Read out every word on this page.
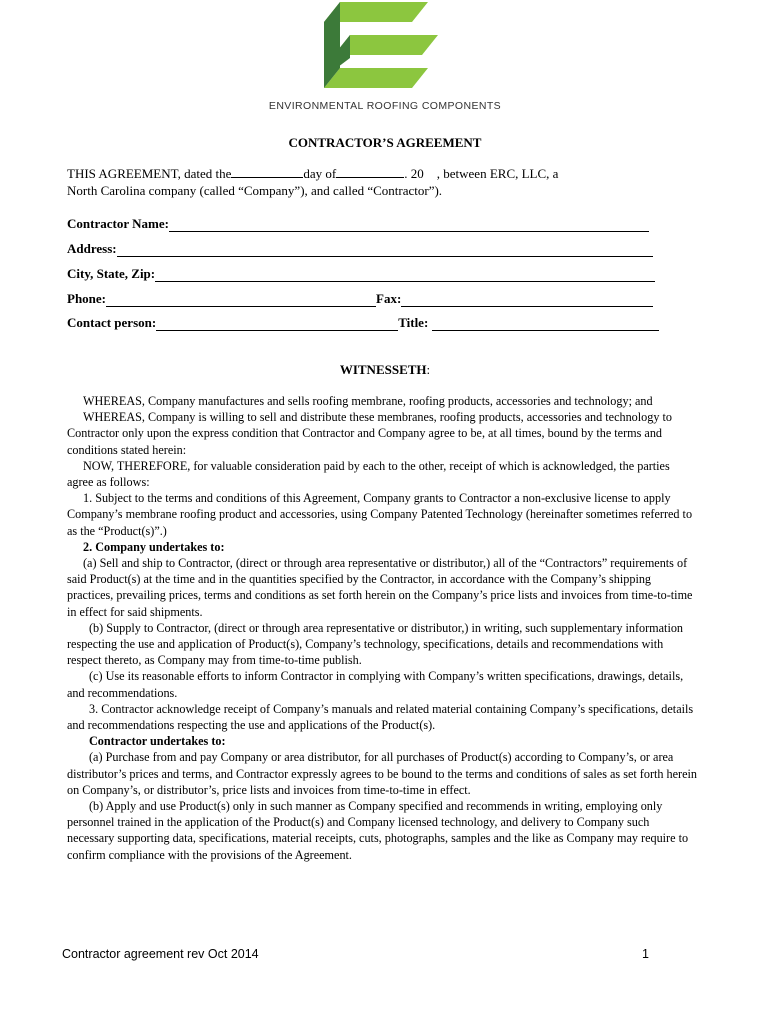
ENVIRONMENTAL ROOFING COMPONENTS
CONTRACTOR’S AGREEMENT
THIS AGREEMENT, dated the	day of	. 20 , between ERC, LLC, a
North Carolina company (called “Company”), and called “Contractor”).
Contractor Name:
Address:
City, State, Zip:
Phone:	Fax:
Contact person:	Title:
WITNESSETH:

WHEREAS, Company manufactures and sells roofing membrane, roofing products, accessories and technology; and

WHEREAS, Company is willing to sell and distribute these membranes, roofing products, accessories and technology to Contractor only upon the express condition that Contractor and Company agree to be, at all times, bound by the terms and conditions stated herein:

NOW, THEREFORE, for valuable consideration paid by each to the other, receipt of which is acknowledged, the parties agree as follows:

1. Subject to the terms and conditions of this Agreement, Company grants to Contractor a non-exclusive license to apply Company’s membrane roofing product and accessories, using Company Patented Technology (hereinafter sometimes referred to as the “Product(s)”.)

2. Company undertakes to:

(a) Sell and ship to Contractor, (direct or through area representative or distributor,) all of the “Contractors” requirements of said Product(s) at the time and in the quantities specified by the Contractor, in accordance with the Company’s shipping practices, prevailing prices, terms and conditions as set forth herein on the Company’s price lists and invoices from time-to-time in effect for said shipments.

(b) Supply to Contractor, (direct or through area representative or distributor,) in writing, such supplementary information respecting the use and application of Product(s), Company’s technology, specifications, details and recommendations with respect thereto, as Company may from time-to-time publish.

(c) Use its reasonable efforts to inform Contractor in complying with Company’s written specifications, drawings, details, and recommendations.

3. Contractor acknowledge receipt of Company’s manuals and related material containing Company’s specifications, details and recommendations respecting the use and applications of the Product(s).

Contractor undertakes to:

(a) Purchase from and pay Company or area distributor, for all purchases of Product(s) according to Company’s, or area distributor’s prices and terms, and Contractor expressly agrees to be bound to the terms and conditions of sales as set forth herein on Company’s, or distributor’s, price lists and invoices from time-to-time in effect.

(b) Apply and use Product(s) only in such manner as Company specified and recommends in writing, employing only personnel trained in the application of the Product(s) and Company licensed technology, and delivery to Company such necessary supporting data, specifications, material receipts, cuts, photographs, samples and the like as Company may require to confirm compliance with the provisions of the Agreement.

Contractor agreement rev Oct 2014	1
